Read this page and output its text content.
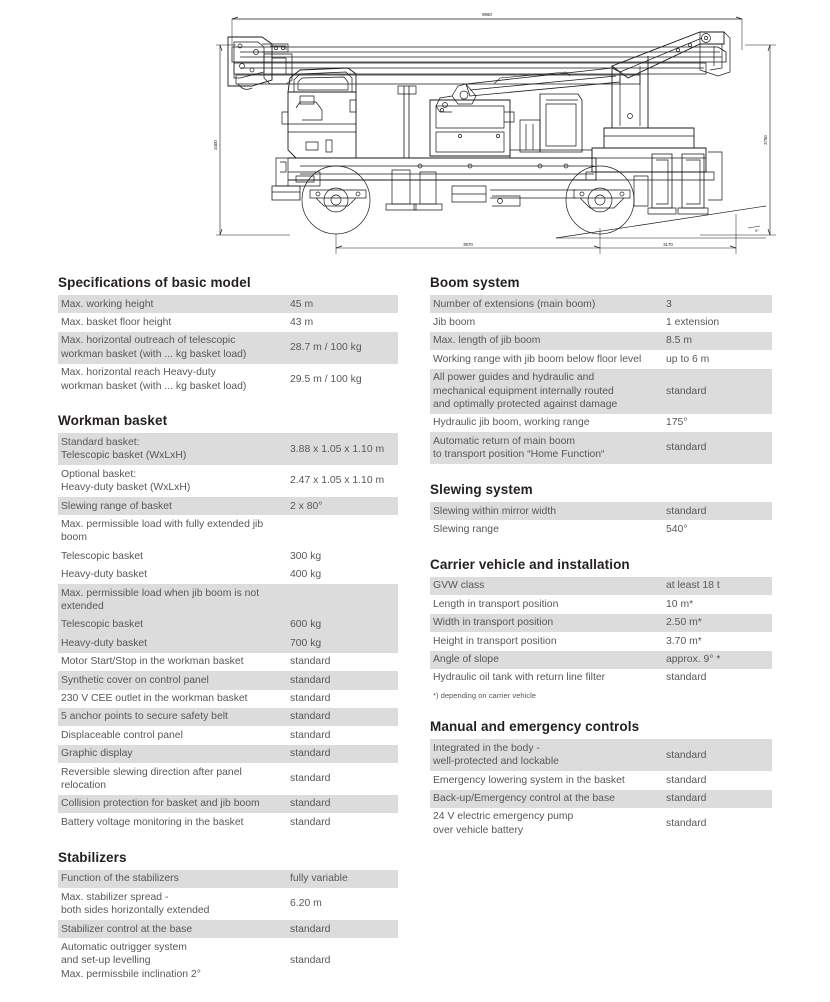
9960
3400
3750
3970	3170
9°
Specifications of basic model
Max. working height	45 m
Max. basket floor height	43 m
Max. horizontal outreach of telescopic
workman basket (with ... kg basket load)	28.7 m / 100 kg
Max. horizontal reach Heavy-duty
workman basket (with ... kg basket load)	29.5 m / 100 kg
Workman basket
Standard basket:
Telescopic basket (WxLxH)	3.88 x 1.05 x 1.10 m
Optional basket:
Heavy-duty basket (WxLxH)	2.47 x 1.05 x 1.10 m
Slewing range of basket	2 x 80°
Max. permissible load with fully extended jib boom	
Telescopic basket	300 kg
Heavy-duty basket	400 kg
Max. permissible load when jib boom is not extended	
Telescopic basket	600 kg
Heavy-duty basket	700 kg
Motor Start/Stop in the workman basket	standard
Synthetic cover on control panel	standard
230 V CEE outlet in the workman basket	standard
5 anchor points to secure safety belt	standard
Displaceable control panel	standard
Graphic display	standard
Reversible slewing direction after panel relocation	standard
Collision protection for basket and jib boom	standard
Battery voltage monitoring in the basket	standard
Stabilizers
Function of the stabilizers	fully variable
Max. stabilizer spread -
both sides horizontally extended	6.20 m
Stabilizer control at the base	standard
Automatic outrigger system
and set-up levelling
Max. permissbile inclination 2°	standard
Boom system
Number of extensions (main boom)	3
Jib boom	1 extension
Max. length of jib boom	8.5 m
Working range with jib boom below floor level	up to 6 m
All power guides and hydraulic and
mechanical equipment internally routed
and optimally protected against damage	standard
Hydraulic jib boom, working range	175°
Automatic return of main boom
to transport position “Home Function“	standard
Slewing system
Slewing within mirror width	standard
Slewing range	540°
Carrier vehicle and installation
GVW class	at least 18 t
Length in transport position	10 m*
Width in transport position	2.50 m*
Height in transport position	3.70 m*
Angle of slope	approx. 9° *
Hydraulic oil tank with return line filter	standard
*) depending on carrier vehicle
Manual and emergency controls
Integrated in the body -
well-protected and lockable	standard
Emergency lowering system in the basket	standard
Back-up/Emergency control at the base	standard
24 V electric emergency pump
over vehicle battery	standard
